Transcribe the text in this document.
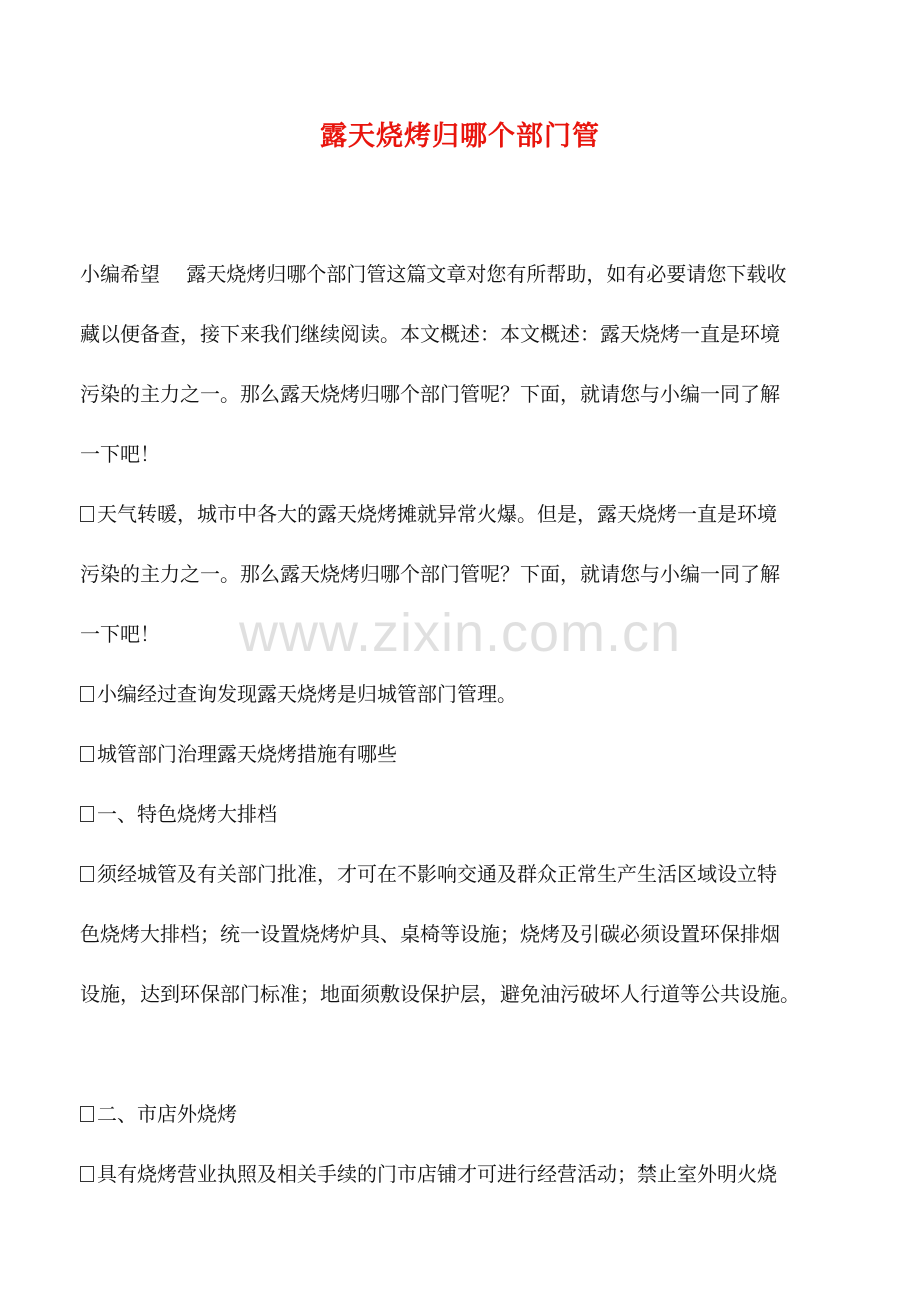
露天烧烤归哪个部门管
小编希望　 露天烧烤归哪个部门管这篇文章对您有所帮助，如有必要请您下载收
藏以便备查，接下来我们继续阅读。本文概述：本文概述：露天烧烤一直是环境
污染的主力之一。那么露天烧烤归哪个部门管呢？下面，就请您与小编一同了解
一下吧！
天气转暖，城市中各大的露天烧烤摊就异常火爆。但是，露天烧烤一直是环境
污染的主力之一。那么露天烧烤归哪个部门管呢？下面，就请您与小编一同了解
一下吧！
小编经过查询发现露天烧烤是归城管部门管理。
城管部门治理露天烧烤措施有哪些
一、特色烧烤大排档
须经城管及有关部门批准，才可在不影响交通及群众正常生产生活区域设立特
色烧烤大排档；统一设置烧烤炉具、桌椅等设施；烧烤及引碳必须设置环保排烟
设施，达到环保部门标准；地面须敷设保护层，避免油污破坏人行道等公共设施。
二、市店外烧烤
具有烧烤营业执照及相关手续的门市店铺才可进行经营活动；禁止室外明火烧
www.zixin.com.cn
